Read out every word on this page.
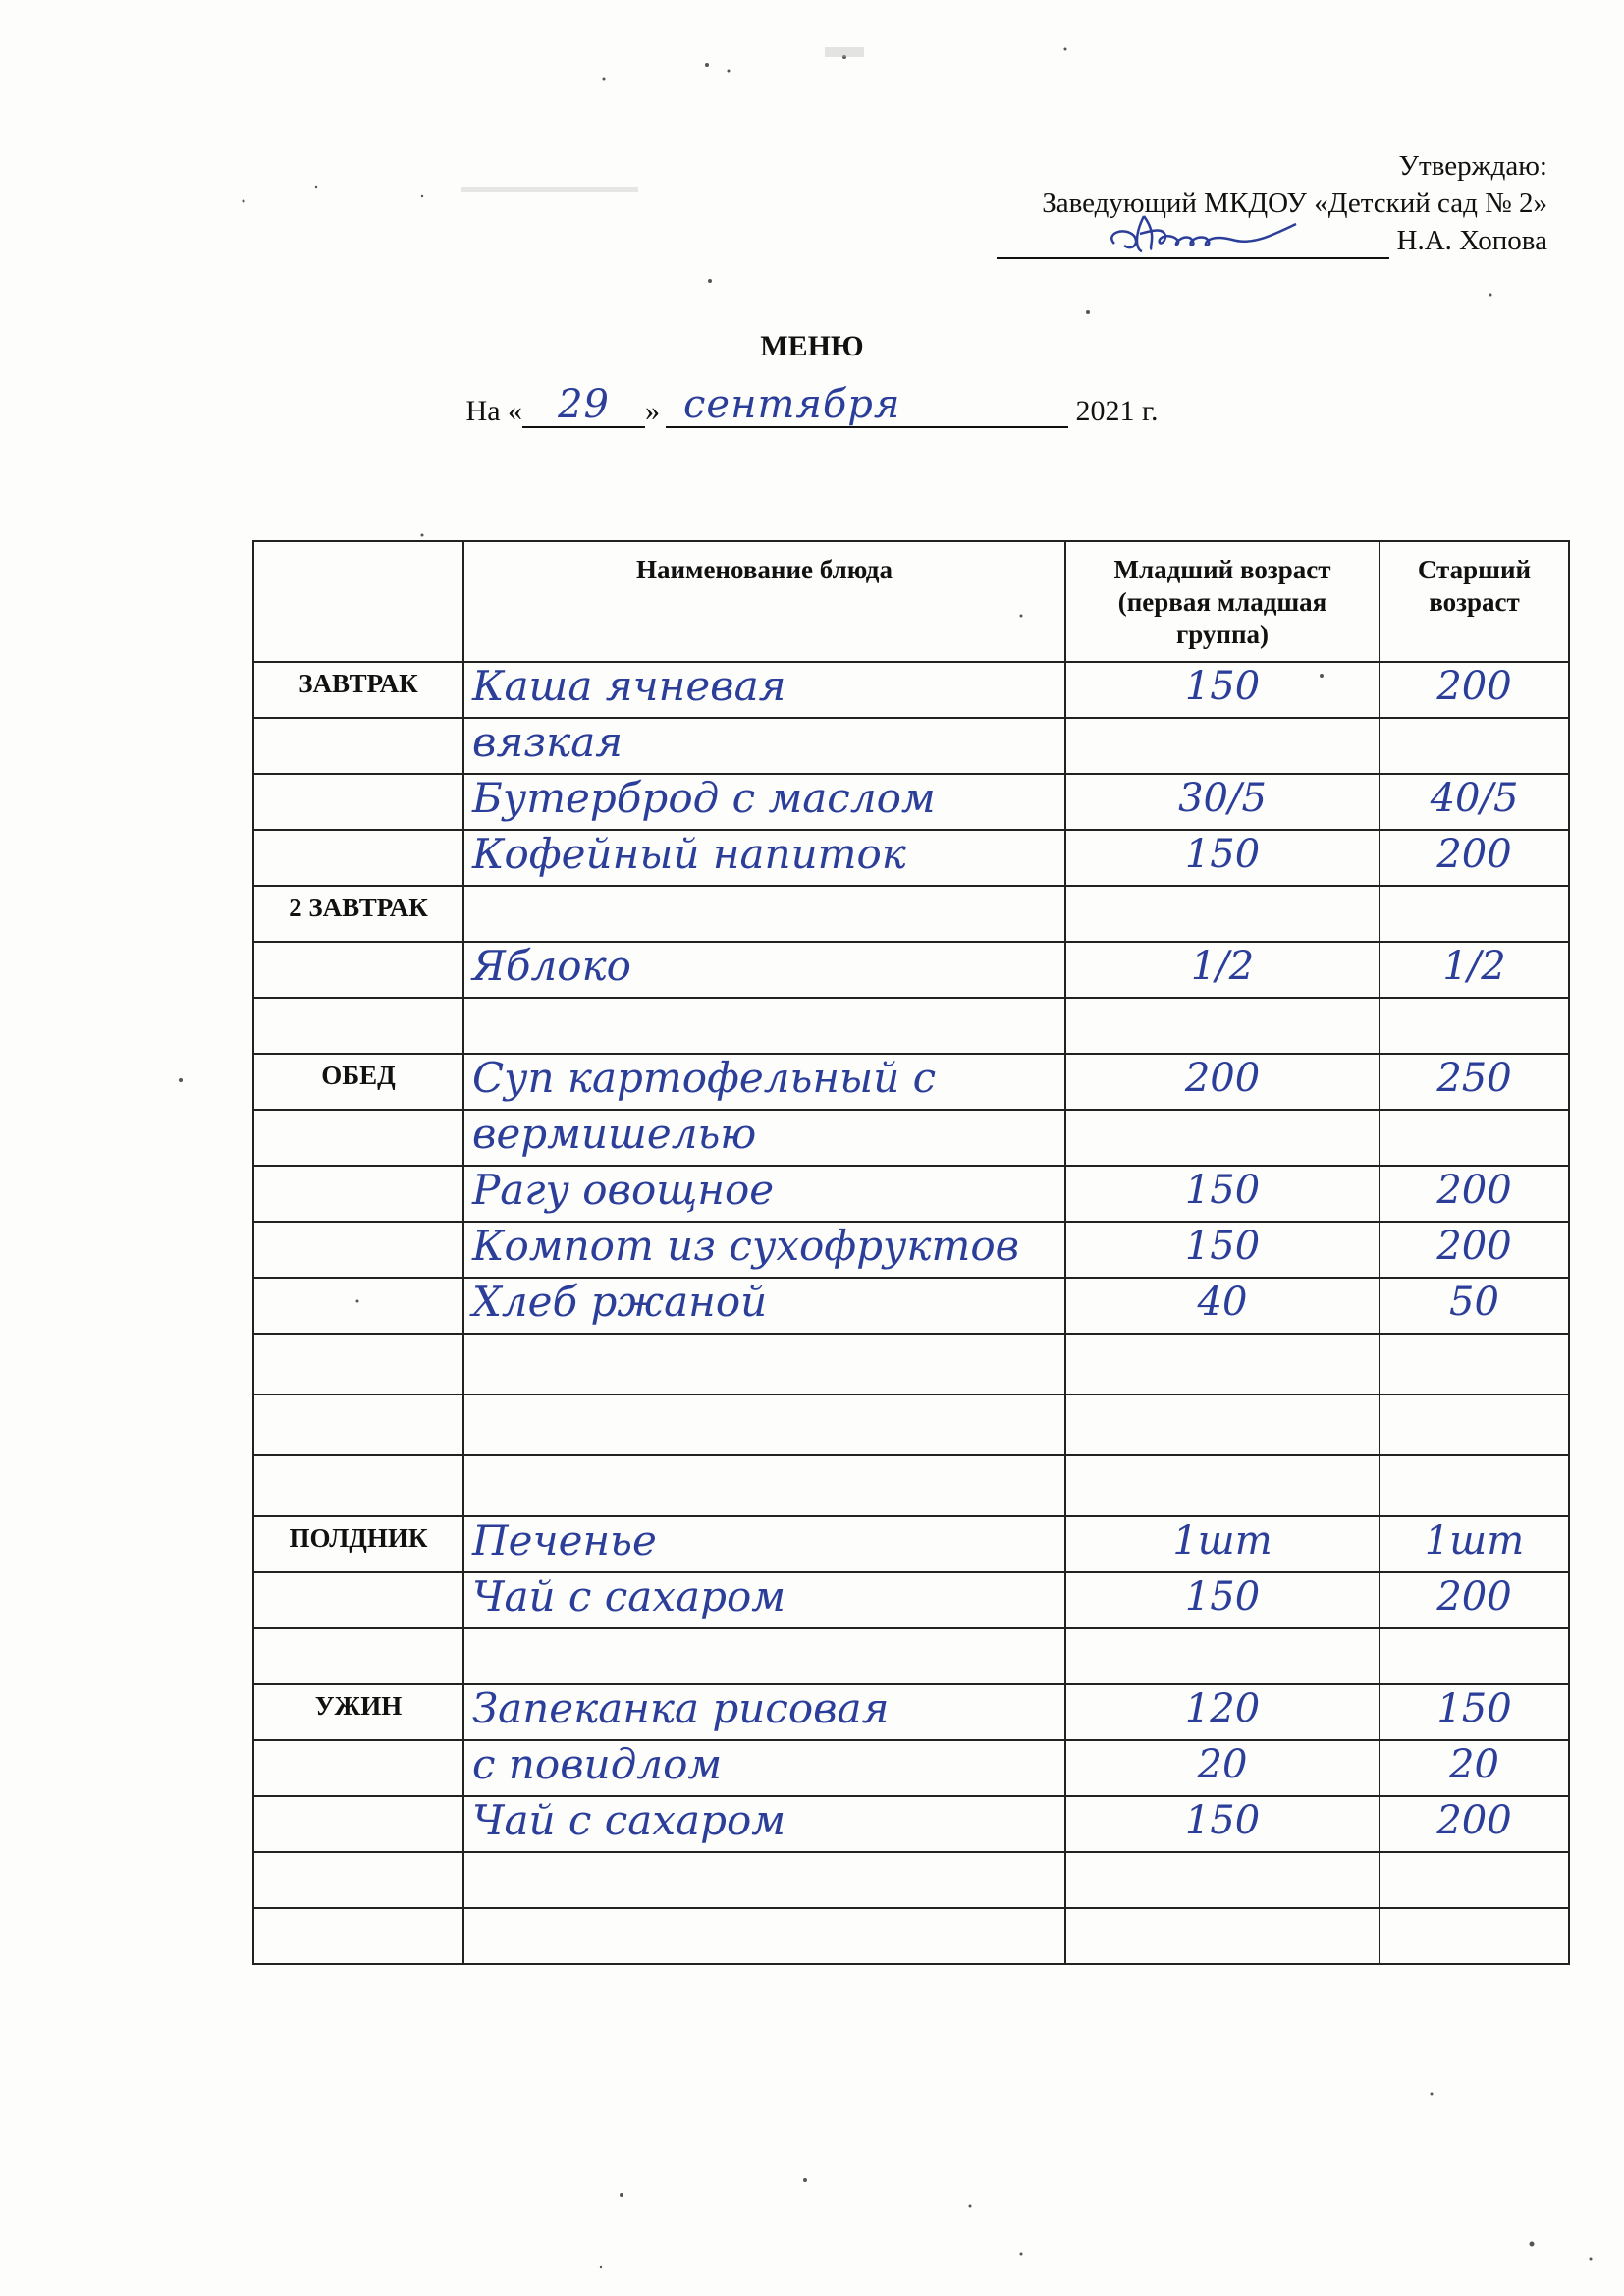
Утверждаю:
Заведующий МКДОУ «Детский сад № 2»
Н.А. Хопова
МЕНЮ
На « 29	» сентября	2021 г.
	Наименование блюда	Младший возраст (первая младшая группа)	Старший возраст
ЗАВТРАК	Каша ячневая	150	200
	вязкая		
	Бутерброд с маслом	30/5	40/5
	Кофейный напиток	150	200
2 ЗАВТРАК			
	Яблоко	1/2	1/2

ОБЕД	Суп картофельный с	200	250
	вермишелью		
	Рагу овощное	150	200
	Компот из сухофруктов	150	200
	Хлеб ржаной	40	50

ПОЛДНИК	Печенье	1шт	1шт
	Чай с сахаром	150	200

УЖИН	Запеканка рисовая	120	150
	с повидлом	20	20
	Чай с сахаром	150	200
